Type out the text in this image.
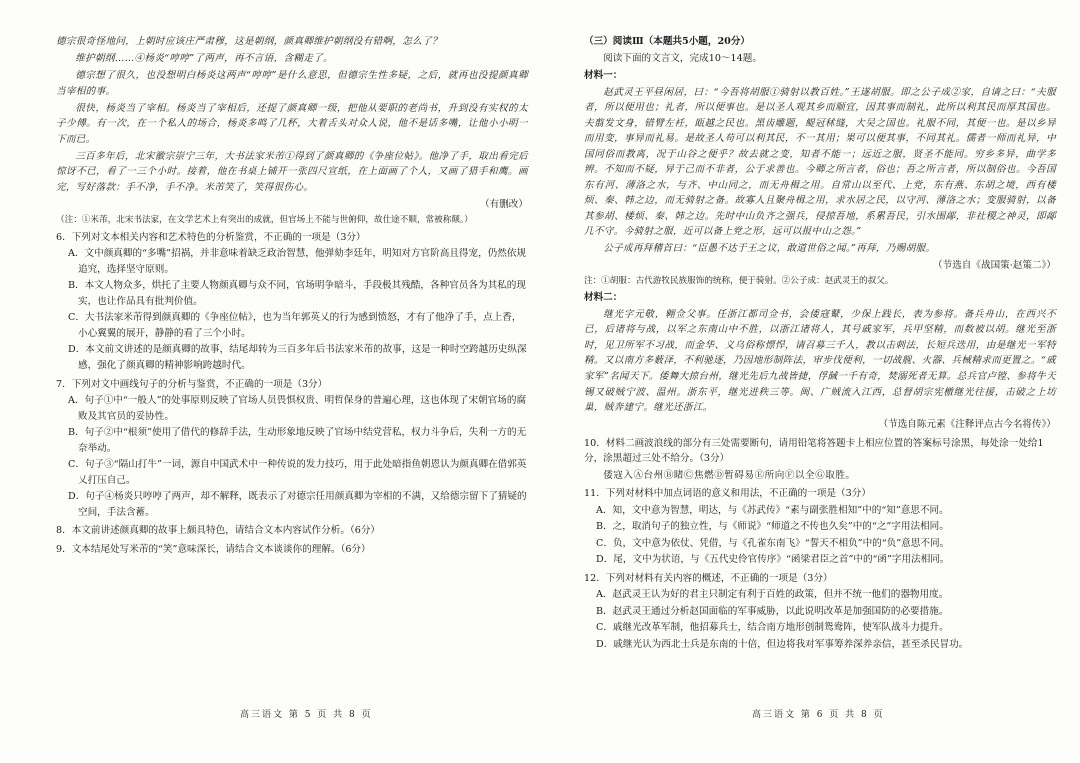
德宗很奇怪地问，上朝时应该庄严肃穆，这是朝纲，颜真卿维护朝纲没有错啊，怎么了？

维护朝纲……④杨炎“哼哼”了两声，再不言语，含糊走了。

德宗想了很久，也没想明白杨炎这两声“哼哼”是什么意思，但德宗生性多疑，之后，就再也没提颜真卿当宰相的事。

很快，杨炎当了宰相。杨炎当了宰相后，还提了颜真卿一级，把他从要职的老尚书，升到没有实权的太子少傅。有一次，在一个私人的场合，杨炎多鸣了几杯，大着舌头对众人说，他不是话多嘴，让他小小明一下而已。

三百多年后，北宋徽宗崇宁三年，大书法家米芾①得到了颜真卿的《争座位帖》。他净了手，取出看完后惊讶不已，看了一三个小时。接着，他在书桌上铺开一张四尺宣纸，在上面画了个人，又画了猎手和鹰。画完，写好落款：手不净，手不净。米芾笑了，笑得很伤心。

（有删改）

（注：①米芾，北宋书法家，在文学艺术上有突出的成就，但官场上不能与世俯仰，故仕途不顺，常被称颠。）

6．下列对文本相关内容和艺术特色的分析鉴赏，不正确的一项是（3分）

A．文中颜真卿的“多嘴”招祸，并非意味着缺乏政治智慧，他弹劾李廷年，明知对方官阶高且得宠，仍然依规追究，选择坚守原则。

B．本文人物众多，烘托了主要人物颜真卿与众不同，官场明争暗斗，手段极其残酷，各种官员各为其私的现实，也让作品具有批判价值。

C．大书法家米芾得到颜真卿的《争座位帖》，也为当年郭英乂的行为感到愤怒，才有了他净了手，点上香，小心翼翼的展开，静静的看了三个小时。

D．本文前文讲述的是颜真卿的故事，结尾却转为三百多年后书法家米芾的故事，这是一种时空跨越历史纵深感，强化了颜真卿的精神影响跨越时代。

7．下列对文中画线句子的分析与鉴赏，不正确的一项是（3分）

A．句子①中“一般人”的处事原则反映了官场人员畏惧权贵、明哲保身的普遍心理，这也体现了宋朝官场的腐败及其官员的妥协性。

B．句子②中“根须”使用了借代的修辞手法，生动形象地反映了官场中结党营私，权力斗争后，失利一方的无奈举动。

C．句子③“隔山打牛”一词，源自中国武术中一种传说的发力技巧，用于此处暗指鱼朝恩认为颜真卿在借郭英乂打压自己。

D．句子④杨炎只哼哼了两声，却不解释，既表示了对德宗任用颜真卿为宰相的不满，又给德宗留下了猜疑的空间，手法含蓄。

8．本文前讲述颜真卿的故事上颇具特色，请结合文本内容试作分析。（6分）

9．文本结尾处写米芾的“笑”意味深长，请结合文本谈谈你的理解。（6分）

高三语文 第 5 页 共 8 页

（三）阅读Ⅲ（本题共5小题，20分）

阅读下面的文言文，完成10～14题。

材料一：

赵武灵王平昼闲居，曰：“今吾将胡服①骑射以教百姓。”王遂胡服。即之公子成②家，自请之曰：“夫服者，所以便用也；礼者，所以便事也。是以圣人观其乡而顺宜，因其事而制礼，此所以利其民而厚其国也。夫翦发文身，错臂左衽，瓯越之民也。黑齿雕题，鳀冠秫缝，大吴之国也。礼服不同，其便一也。是以乡异而用变，事异而礼易。是故圣人苟可以利其民，不一其用；果可以便其事，不同其礼。儒者一师而礼异，中国同俗而教离，况于山谷之便乎？故去就之变，知者不能一；远近之服，贤圣不能同。穷乡多异，曲学多辨。不知而不疑，异于己而不非者，公于求善也。今卿之所言者，俗也；吾之所言者，所以制俗也。今吾国东有河、薄洛之水，与齐、中山同之，而无舟楫之用。自常山以至代、上党，东有燕、东胡之境，西有楼烦、秦、韩之边，而无骑射之备。故寡人且聚舟楫之用，求水居之民，以守河、薄洛之水；变服骑射，以备其参胡、楼烦、秦、韩之边。先时中山负齐之强兵，侵掠吾地，系累吾民，引水围鄗，非社稷之神灵，即鄗几不守。今骑射之服，近可以备上党之形，远可以报中山之怨。”

公子成再拜稽首曰：“臣愚不达于王之议，敢道世俗之闻。”再拜，乃赐胡服。

（节选自《战国策·赵策二》）

注：①胡服：古代游牧民族服饰的统称，便于骑射。②公子成：赵武灵王的叔父。

材料二：

继光字元敬，翱佥父事。任浙江都司佥书，会倭寇鼙，少保上践长，表为参将。备兵舟山，在西兴不已，后诸将与战，以军之东南山中不胜，以浙江诸将人，其号戚家军，兵甲坚精，而数被以胡。继光至浙时，见卫所军不习战，而金华、义乌俗称慓悍，请召募三千人，教以击刺法，长短兵迭用，由是继光一军特精。又以南方多薮泽，不利驰逐，乃因地形制阵法，审步伐便利，一切战舰、火器、兵械精求而更置之。“戚家军”名闻天下。倭舞大掠台州，继光先后九战皆捷，俘馘一千有奇，焚溺死者无算。总兵官卢镗、参将牛天锡又破贼宁波、温州。浙东平，继光进秩三等。闽、广贼流入江西，总督胡宗宪檄继光往援，击破之上坊巢，贼奔建宁。继光还浙江。

（节选自陈元素《注释评点古今名将传》）

10．材料二画波浪线的部分有三处需要断句，请用铅笔将答题卡上相应位置的答案标号涂黑，每处涂一处给1分，涂黑超过三处不给分。（3分）

倭寇入Ⓐ台州Ⓑ睹Ⓒ焦燃Ⓓ暂碍易Ⓔ所向Ⓕ以全Ⓖ取胜。

11．下列对材料中加点词语的意义和用法，不正确的一项是（3分）

A．知，文中意为智慧，明达，与《苏武传》“素与副张胜相知”中的“知”意思不同。

B．之，取消句子的独立性，与《师说》“师道之不传也久矣”中的“之”字用法相同。

C．负，文中意为依仗、凭借，与《孔雀东南飞》“誓天不相负”中的“负”意思不同。

D．尾，文中为状语，与《五代史伶官传序》“函梁君臣之首”中的“函”字用法相同。

12．下列对材料有关内容的概述，不正确的一项是（3分）

A．赵武灵王认为好的君主只制定有利于百姓的政策，但并不统一他们的器物用度。

B．赵武灵王通过分析赵国面临的军事威胁，以此说明改革是加强国防的必要措施。

C．戚继光改革军制，他招募兵士，结合南方地形创制鸳鸯阵，使军队战斗力提升。

D．戚继光认为西北士兵是东南的十倍，但边将我对军事筹养深养亲信，甚至杀民冒功。

高三语文 第 6 页 共 8 页
